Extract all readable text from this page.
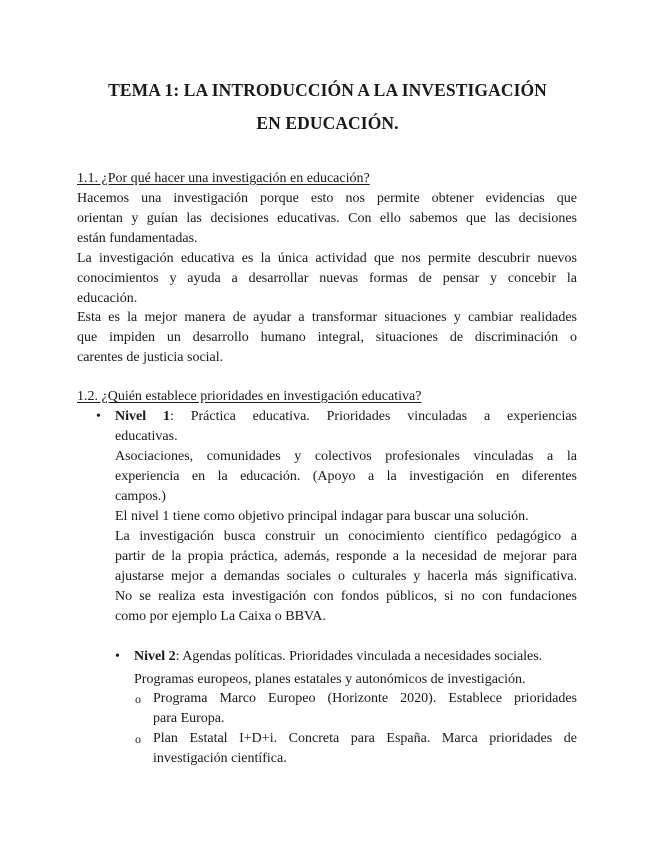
TEMA 1: LA INTRODUCCIÓN A LA INVESTIGACIÓN
EN EDUCACIÓN.
1.1. ¿Por qué hacer una investigación en educación?
Hacemos una investigación porque esto nos permite obtener evidencias que
orientan y guían las decisiones educativas. Con ello sabemos que las decisiones
están fundamentadas.
La investigación educativa es la única actividad que nos permite descubrir nuevos
conocimientos y ayuda a desarrollar nuevas formas de pensar y concebir la
educación.
Esta es la mejor manera de ayudar a transformar situaciones y cambiar realidades
que impiden un desarrollo humano integral, situaciones de discriminación o
carentes de justicia social.
1.2. ¿Quién establece prioridades en investigación educativa?
• Nivel 1: Práctica educativa. Prioridades vinculadas a experiencias
educativas.
Asociaciones, comunidades y colectivos profesionales vinculadas a la
experiencia en la educación. (Apoyo a la investigación en diferentes
campos.)
El nivel 1 tiene como objetivo principal indagar para buscar una solución.
La investigación busca construir un conocimiento científico pedagógico a
partir de la propia práctica, además, responde a la necesidad de mejorar para
ajustarse mejor a demandas sociales o culturales y hacerla más significativa.
No se realiza esta investigación con fondos públicos, si no con fundaciones
como por ejemplo La Caixa o BBVA.
• Nivel 2: Agendas políticas. Prioridades vinculada a necesidades sociales.
Programas europeos, planes estatales y autonómicos de investigación.
o Programa Marco Europeo (Horizonte 2020). Establece prioridades
para Europa.
o Plan Estatal I+D+i. Concreta para España. Marca prioridades de
investigación científica.
